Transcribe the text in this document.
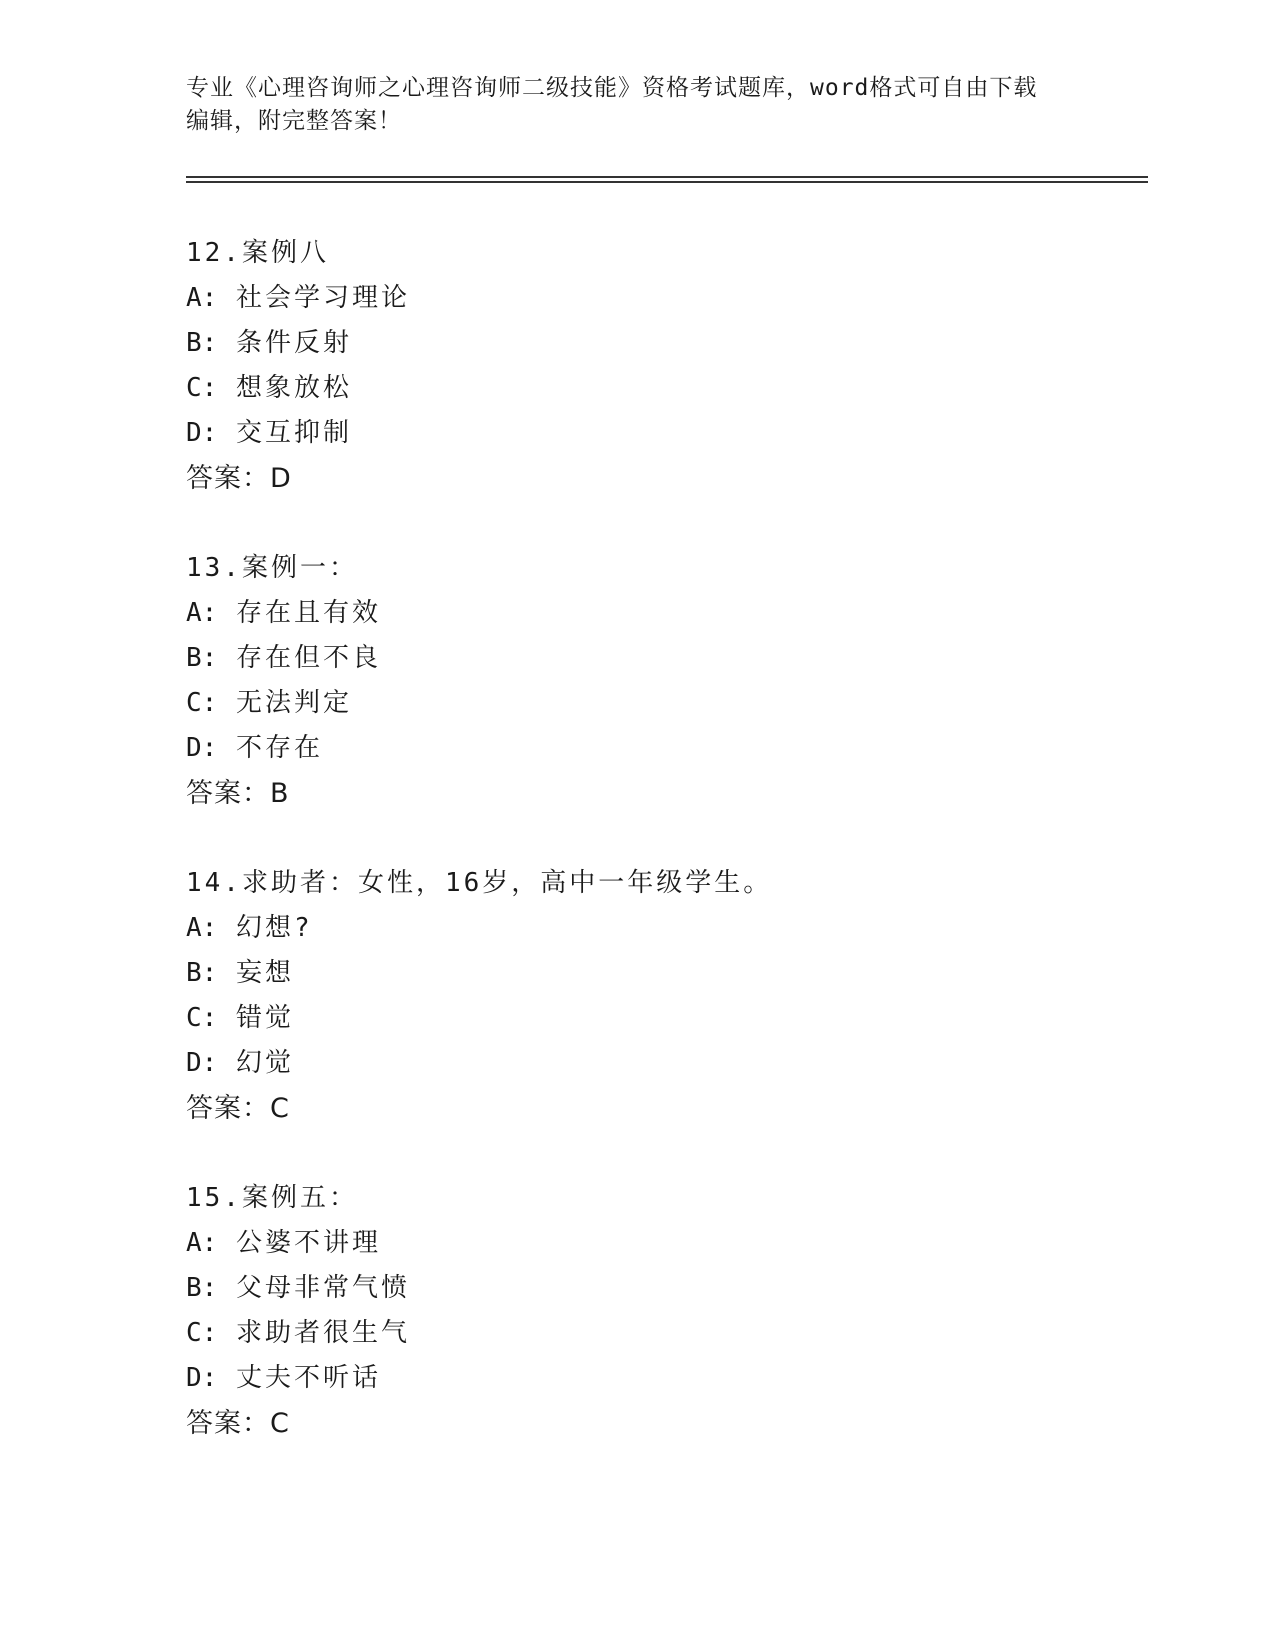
专业《心理咨询师之心理咨询师二级技能》资格考试题库，word格式可自由下载
编辑，附完整答案！
12.案例八
A: 社会学习理论
B: 条件反射
C: 想象放松
D: 交互抑制
答案：D
13.案例一：
A: 存在且有效
B: 存在但不良
C: 无法判定
D: 不存在
答案：B
14.求助者：女性，16岁，高中一年级学生。
A: 幻想?
B: 妄想
C: 错觉
D: 幻觉
答案：C
15.案例五：
A: 公婆不讲理
B: 父母非常气愤
C: 求助者很生气
D: 丈夫不听话
答案：C
